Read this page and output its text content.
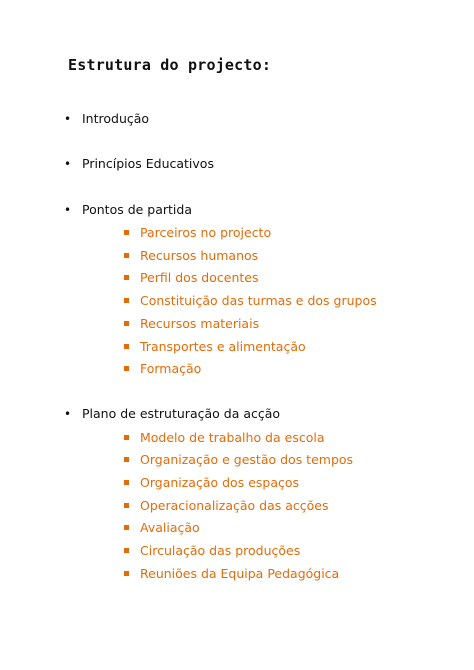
Estrutura do projecto:
• Introdução
• Princípios Educativos
• Pontos de partida
Parceiros no projecto
Recursos humanos
Perfil dos docentes
Constituição das turmas e dos grupos
Recursos materiais
Transportes e alimentação
Formação
• Plano de estruturação da acção
Modelo de trabalho da escola
Organização e gestão dos tempos
Organização dos espaços
Operacionalização das acções
Avaliação
Circulação das produções
Reuniões da Equipa Pedagógica
